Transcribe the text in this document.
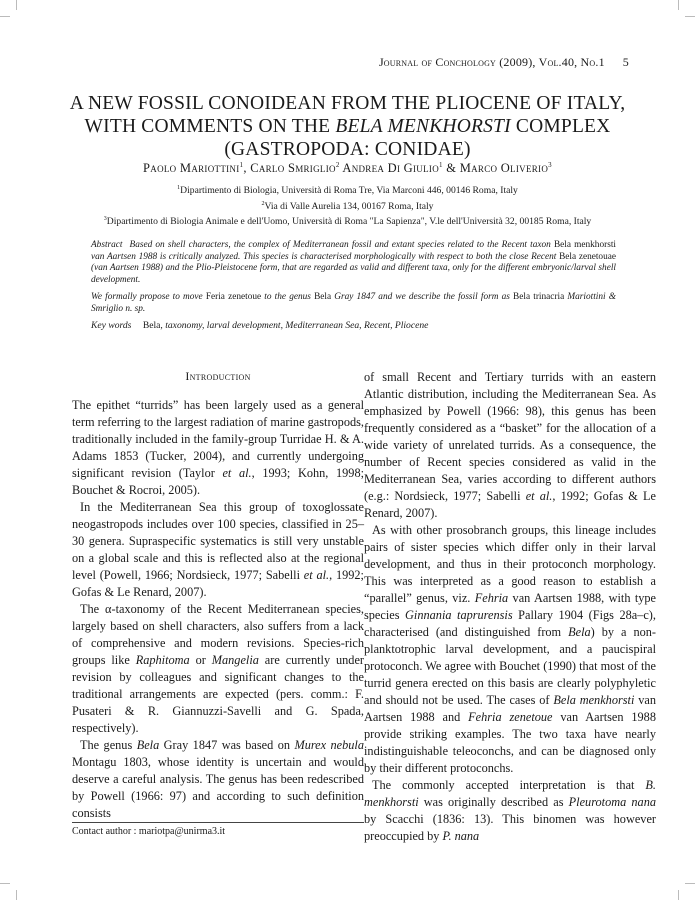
Journal of Conchology (2009), Vol.40, No.1 5
A NEW FOSSIL CONOIDEAN FROM THE PLIOCENE OF ITALY,
WITH COMMENTS ON THE BELA MENKHORSTI COMPLEX
(GASTROPODA: CONIDAE)
Paolo Mariottini$^1$, Carlo Smriglio$^2$ Andrea Di Giulio$^1$ & Marco Oliverio$^3$
$^1$Dipartimento di Biologia, Università di Roma Tre, Via Marconi 446, 00146 Roma, Italy
$^2$Via di Valle Aurelia 134, 00167 Roma, Italy
$^3$Dipartimento di Biologia Animale e dell'Uomo, Università di Roma "La Sapienza", V.le dell'Università 32, 00185 Roma, Italy

Abstract Based on shell characters, the complex of Mediterranean fossil and extant species related to the Recent taxon Bela menkhorsti van Aartsen 1988 is critically analyzed. This species is characterised morphologically with respect to both the close Recent Bela zenetouae (van Aartsen 1988) and the Plio-Pleistocene form, that are regarded as valid and different taxa, only for the different embryonic/larval shell development.

We formally propose to move Feria zenetoue to the genus Bela Gray 1847 and we describe the fossil form as Bela trinacria Mariottini & Smriglio n. sp.

Key words Bela, taxonomy, larval development, Mediterranean Sea, Recent, Pliocene
Introduction

The epithet “turrids” has been largely used as a general term referring to the largest radiation of marine gastropods, traditionally included in the family-group Turridae H. & A. Adams 1853 (Tucker, 2004), and currently undergoing significant revision (Taylor et al., 1993; Kohn, 1998; Bouchet & Rocroi, 2005).

In the Mediterranean Sea this group of toxoglossate neogastropods includes over 100 species, classified in 25–30 genera. Supraspecific systematics is still very unstable on a global scale and this is reflected also at the regional level (Powell, 1966; Nordsieck, 1977; Sabelli et al., 1992; Gofas & Le Renard, 2007).

The α-taxonomy of the Recent Mediterranean species, largely based on shell characters, also suffers from a lack of comprehensive and modern revisions. Species-rich groups like Raphitoma or Mangelia are currently under revision by colleagues and significant changes to the traditional arrangements are expected (pers. comm.: F. Pusateri & R. Giannuzzi-Savelli and G. Spada, respectively).

The genus Bela Gray 1847 was based on Murex nebula Montagu 1803, whose identity is uncertain and would deserve a careful analysis. The genus has been redescribed by Powell (1966: 97) and according to such definition consists

of small Recent and Tertiary turrids with an eastern Atlantic distribution, including the Mediterranean Sea. As emphasized by Powell (1966: 98), this genus has been frequently considered as a “basket” for the allocation of a wide variety of unrelated turrids. As a consequence, the number of Recent species considered as valid in the Mediterranean Sea, varies according to different authors (e.g.: Nordsieck, 1977; Sabelli et al., 1992; Gofas & Le Renard, 2007).

As with other prosobranch groups, this lineage includes pairs of sister species which differ only in their larval development, and thus in their protoconch morphology. This was interpreted as a good reason to establish a “parallel” genus, viz. Fehria van Aartsen 1988, with type species Ginnania taprurensis Pallary 1904 (Figs 28a–c), characterised (and distinguished from Bela) by a non-planktotrophic larval development, and a paucispiral protoconch. We agree with Bouchet (1990) that most of the turrid genera erected on this basis are clearly polyphyletic and should not be used. The cases of Bela menkhorsti van Aartsen 1988 and Fehria zenetoue van Aartsen 1988 provide striking examples. The two taxa have nearly indistinguishable teleoconchs, and can be diagnosed only by their different protoconchs.

The commonly accepted interpretation is that B. menkhorsti was originally described as Pleurotoma nana by Scacchi (1836: 13). This binomen was however preoccupied by P. nana

Contact author : mariotpa@unirma3.it
